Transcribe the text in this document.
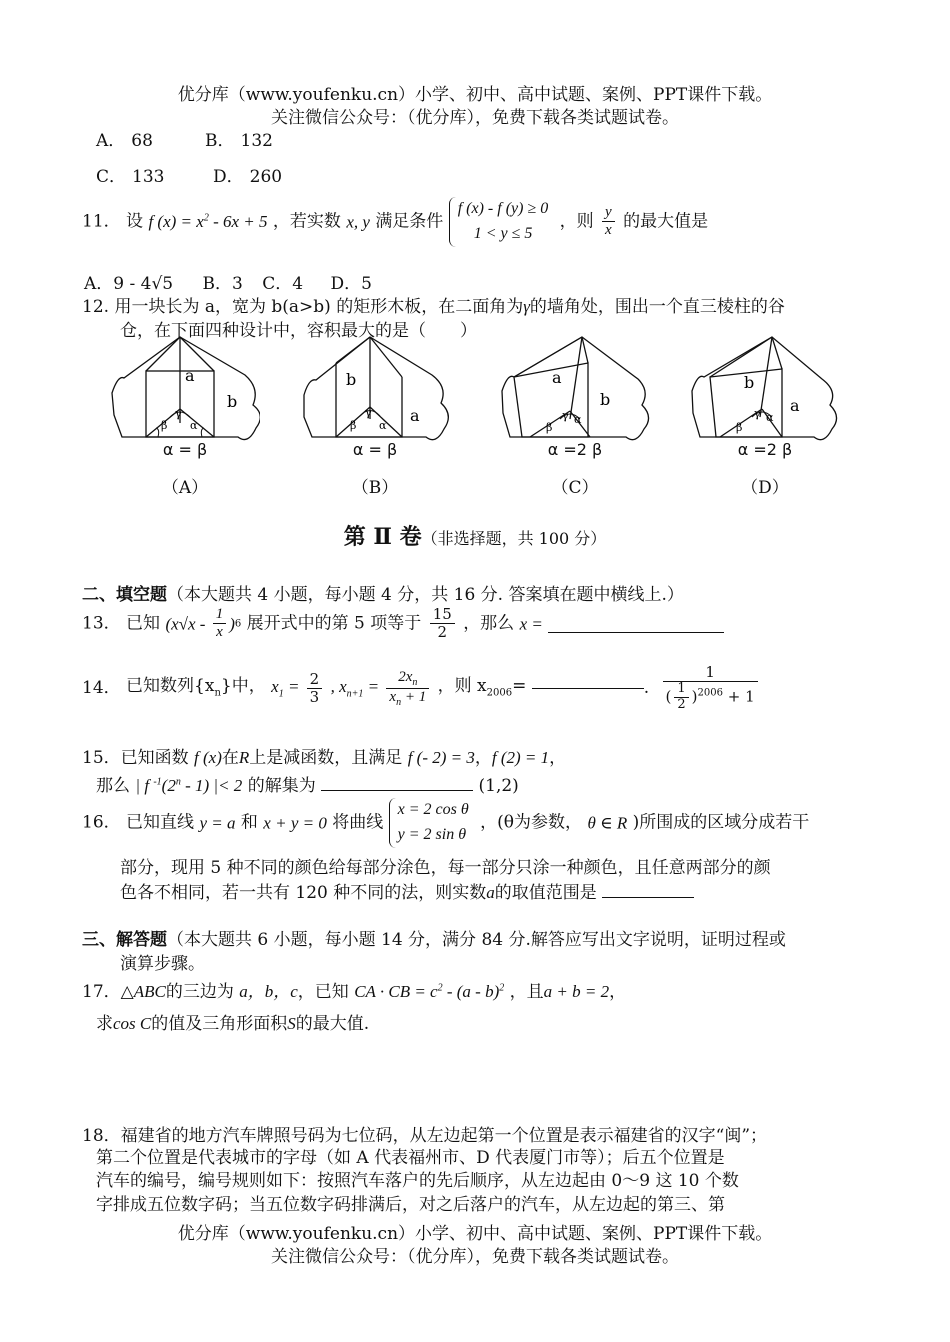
优分库（www.youfenku.cn）小学、初中、高中试题、案例、PPT课件下载。
关注微信公众号：（优分库），免费下载各类试题试卷。
A． 68	B． 132
C． 133	D． 260
11． 设 f $(x) = x^2 - 6x + 5$ ，若实数 x, y 满足条件
f (x) - f (y) ≥ 0
1 < y ≤ 5
，则 $\frac{y}{x}$ 的最大值是
A．9 - 4√5 B．3 C．4 D．5
12. 用一块长为 a，宽为 b(a>b) 的矩形木板，在二面角为γ的墙角处，围出一个直三棱柱的谷
仓，在下面四种设计中，容积最大的是（　　）
a
b
β
γ
α
α = β
（A）
b
a
β
γ
α
α = β
（B）
a
b
β
γ α
α =2 β
（C）
b
a
β
γ α
α =2 β
（D）
第 Ⅱ 卷（非选择题，共 100 分）
二、填空题（本大题共 4 小题，每小题 4 分，共 16 分. 答案填在题中横线上.）
13． 已知 $(x√x - \frac{1}{x} )^6$ 展开式中的第 5 项等于 $\frac{15}{2}$ ，那么 x =
14． 已知数列$\{x_n\}$中， $x_1 = \frac{2}{3}$ , $x_{n+1} = \frac{2x_n}{x_n + 1}$ ，则 $x_{2006}=$	. $\frac{1}{( \frac{1}{2} )^{2006} + 1}$
15．已知函数 f (x)在R上是减函数，且满足 f (- 2) = 3，f (2) = 1，
那么 | f $^{-1}$(2$^n$ - 1) |< 2 的解集为	(1,2)
16． 已知直线 y = a 和 x + y = 0 将曲线
x = 2 cos θ
y = 2 sin θ
，(θ为参数， θ ∈ R )所围成的区域分成若干
部分，现用 5 种不同的颜色给每部分涂色，每一部分只涂一种颜色，且任意两部分的颜
色各不相同，若一共有 120 种不同的法，则实数a的取值范围是
三、解答题（本大题共 6 小题，每小题 14 分，满分 84 分.解答应写出文字说明，证明过程或
演算步骤。
17．△ABC的三边为 a，b，c，已知 CA · CB = $c^2 - (a - b)^2$ ，且a + b = 2，
求cos C的值及三角形面积S的最大值.
18．福建省的地方汽车牌照号码为七位码，从左边起第一个位置是表示福建省的汉字“闽”；
第二个位置是代表城市的字母（如 A 代表福州市、D 代表厦门市等）；后五个位置是
汽车的编号，编号规则如下：按照汽车落户的先后顺序，从左边起由 0～9 这 10 个数
字排成五位数字码；当五位数字码排满后，对之后落户的汽车，从左边起的第三、第
优分库（www.youfenku.cn）小学、初中、高中试题、案例、PPT课件下载。
关注微信公众号：（优分库），免费下载各类试题试卷。
